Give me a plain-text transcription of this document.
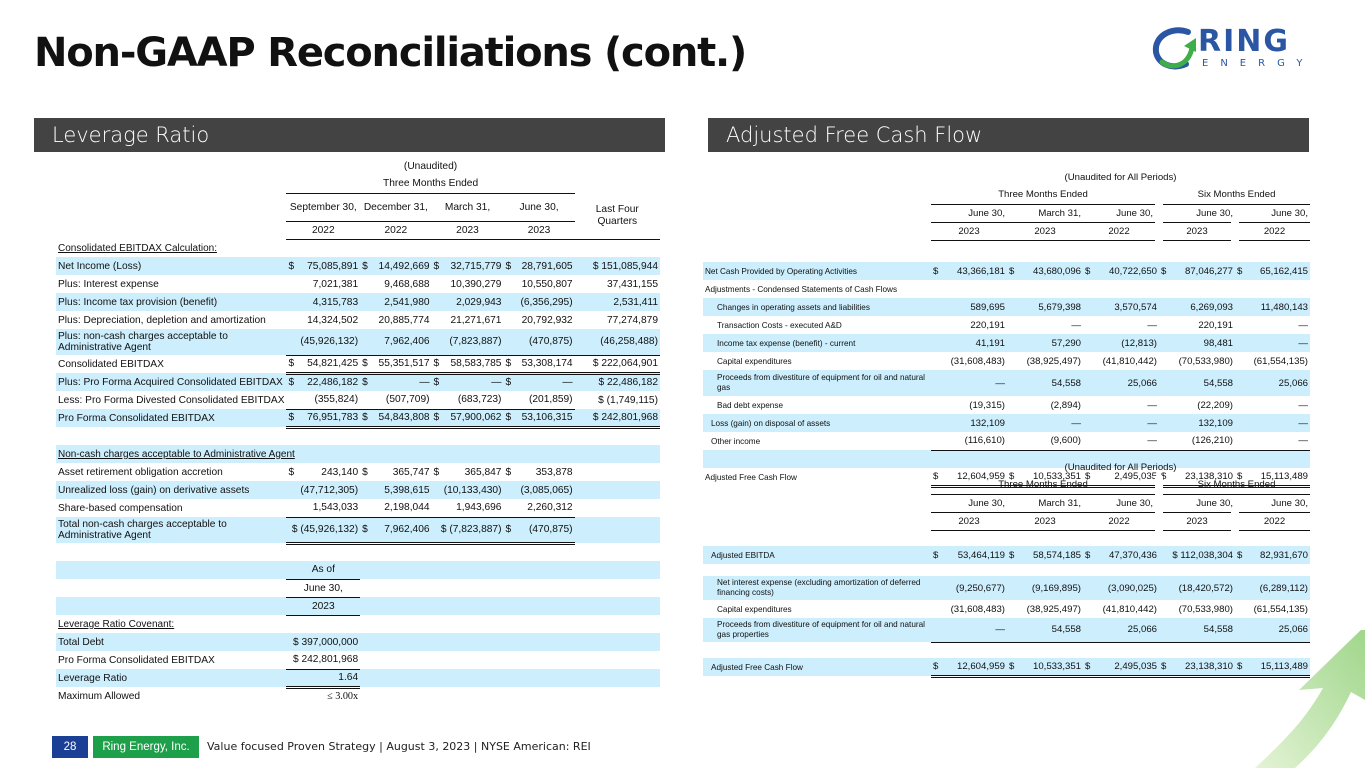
Non-GAAP Reconciliations (cont.)	RING
ENERGY
Leverage Ratio	Adjusted Free Cash Flow
	(Unaudited)								
	Three Months Ended								
	September 30,		December 31,		March 31,		June 30,		Last Four Quarters
	2022		2022		2023		2023		
Consolidated EBITDAX Calculation:									
Net Income (Loss)	$	75,085,891	$	14,492,669	$	32,715,779	$	28,791,605	$ 151,085,944
Plus: Interest expense		7,021,381		9,468,688		10,390,279		10,550,807	37,431,155
Plus: Income tax provision (benefit)		4,315,783		2,541,980		2,029,943		(6,356,295)	2,531,411
Plus: Depreciation, depletion and amortization		14,324,502		20,885,774		21,271,671		20,792,932	77,274,879
Plus: non-cash charges acceptable to Administrative Agent		(45,926,132)		7,962,406		(7,823,887)		(470,875)	(46,258,488)
Consolidated EBITDAX	$	54,821,425	$	55,351,517	$	58,583,785	$	53,308,174	$ 222,064,901
Plus: Pro Forma Acquired Consolidated EBITDAX	$	22,486,182	$	—	$	—	$	—	$ 22,486,182
Less: Pro Forma Divested Consolidated EBITDAX		(355,824)		(507,709)		(683,723)		(201,859)	$ (1,749,115)
Pro Forma Consolidated EBITDAX	$	76,951,783	$	54,843,808	$	57,900,062	$	53,106,315	$ 242,801,968

Non-cash charges acceptable to Administrative Agent									
Asset retirement obligation accretion	$	243,140	$	365,747	$	365,847	$	353,878	
Unrealized loss (gain) on derivative assets		(47,712,305)		5,398,615		(10,133,430)		(3,085,065)	
Share-based compensation		1,543,033		2,198,044		1,943,696		2,260,312	
Total non-cash charges acceptable to Administrative Agent	$ (45,926,132)		$	7,962,406	$ (7,823,887)		$	(470,875)	

	As of								
	June 30,								
	2023								
Leverage Ratio Covenant:									
Total Debt	$ 397,000,000								
Pro Forma Consolidated EBITDAX	$ 242,801,968								
Leverage Ratio	1.64								
Maximum Allowed	≤ 3.00x								
	(Unaudited for All Periods)									
	Three Months Ended						Six Months Ended			
	June 30,		March 31,		June 30,		June 30,		June 30,	
	2023		2023		2022		2023		2022	

Net Cash Provided by Operating Activities	$	43,366,181	$	43,680,096	$	40,722,650	$	87,046,277	$	65,162,415
Adjustments - Condensed Statements of Cash Flows										
Changes in operating assets and liabilities		589,695		5,679,398		3,570,574		6,269,093		11,480,143
Transaction Costs - executed A&D		220,191		—		—		220,191		—
Income tax expense (benefit) - current		41,191		57,290		(12,813)		98,481		—
Capital expenditures		(31,608,483)		(38,925,497)		(41,810,442)		(70,533,980)		(61,554,135)
Proceeds from divestiture of equipment for oil and natural gas		—		54,558		25,066		54,558		25,066
Bad debt expense		(19,315)		(2,894)		—		(22,209)		—
Loss (gain) on disposal of assets		132,109		—		—		132,109		—
Other income		(116,610)		(9,600)		—		(126,210)		—

Adjusted Free Cash Flow	$	12,604,959	$	10,533,351	$	2,495,035	$	23,138,310	$	15,113,489
	(Unaudited for All Periods)									
	Three Months Ended						Six Months Ended			
	June 30,		March 31,		June 30,		June 30,		June 30,	
	2023		2023		2022		2023		2022	

Adjusted EBITDA	$	53,464,119	$	58,574,185	$	47,370,436	$ 112,038,304		$	82,931,670

Net interest expense (excluding amortization of deferred financing costs)		(9,250,677)		(9,169,895)		(3,090,025)		(18,420,572)		(6,289,112)
Capital expenditures		(31,608,483)		(38,925,497)		(41,810,442)		(70,533,980)		(61,554,135)
Proceeds from divestiture of equipment for oil and natural gas properties		—		54,558		25,066		54,558		25,066

Adjusted Free Cash Flow	$	12,604,959	$	10,533,351	$	2,495,035	$	23,138,310	$	15,113,489
28	Ring Energy, Inc.	Value focused Proven Strategy | August 3, 2023 | NYSE American: REI
